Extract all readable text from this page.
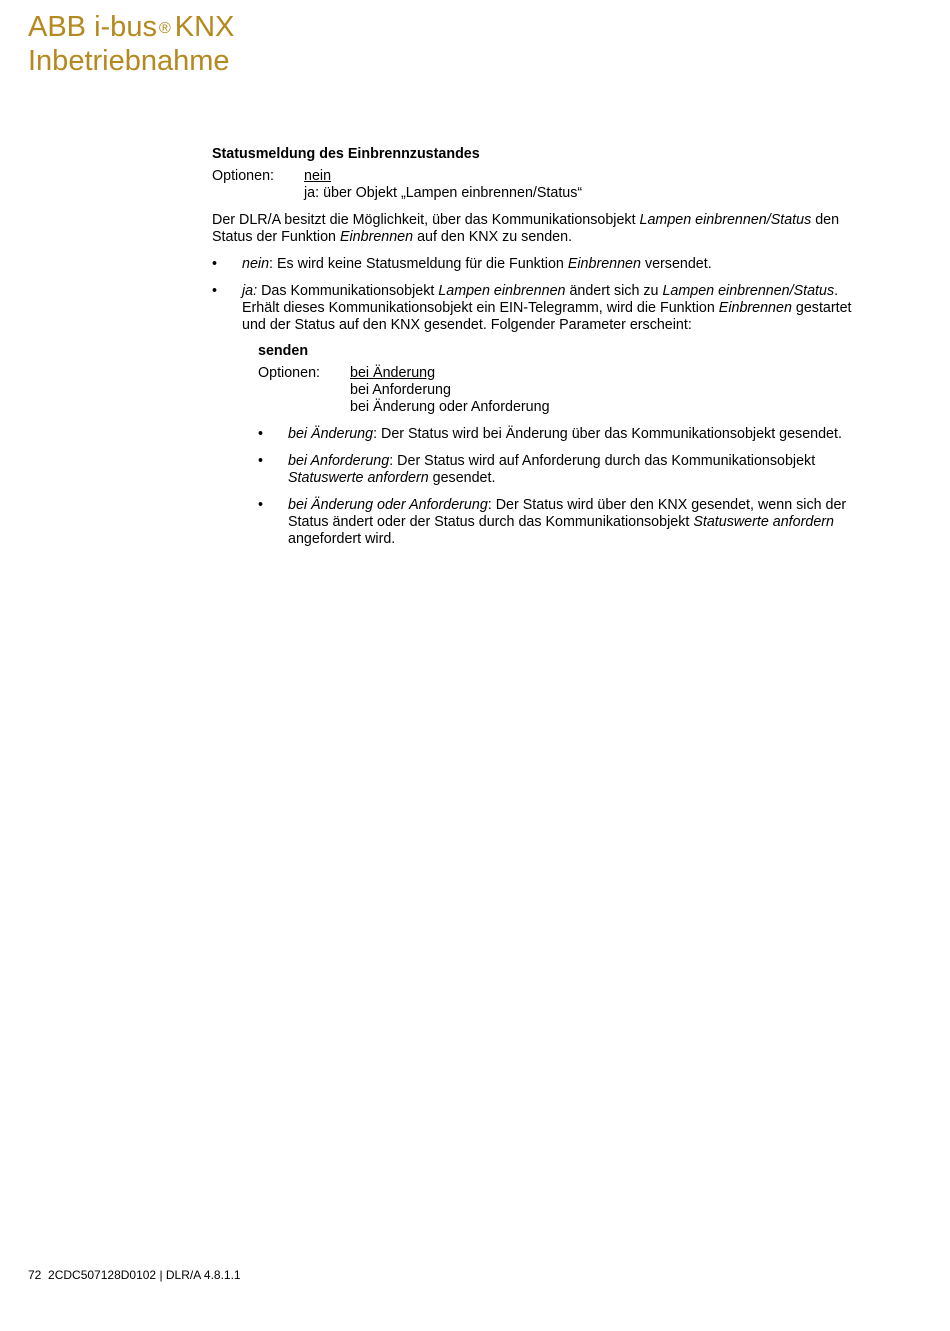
ABB i-bus ® KNX
Inbetriebnahme

Statusmeldung des Einbrennzustandes

Optionen:	nein
ja: über Objekt „Lampen einbrennen/Status“

Der DLR/A besitzt die Möglichkeit, über das Kommunikationsobjekt Lampen einbrennen/Status den Status der Funktion Einbrennen auf den KNX zu senden.

• nein: Es wird keine Statusmeldung für die Funktion Einbrennen versendet.
• ja: Das Kommunikationsobjekt Lampen einbrennen ändert sich zu Lampen einbrennen/Status. Erhält dieses Kommunikationsobjekt ein EIN-Telegramm, wird die Funktion Einbrennen gestartet und der Status auf den KNX gesendet. Folgender Parameter erscheint:

senden

Optionen:	bei Änderung
bei Anforderung
bei Änderung oder Anforderung
• bei Änderung: Der Status wird bei Änderung über das Kommunikationsobjekt gesendet.
• bei Anforderung: Der Status wird auf Anforderung durch das Kommunikationsobjekt Statuswerte anfordern gesendet.
• bei Änderung oder Anforderung: Der Status wird über den KNX gesendet, wenn sich der Status ändert oder der Status durch das Kommunikationsobjekt Statuswerte anfordern angefordert wird.
72 2CDC507128D0102 | DLR/A 4.8.1.1
